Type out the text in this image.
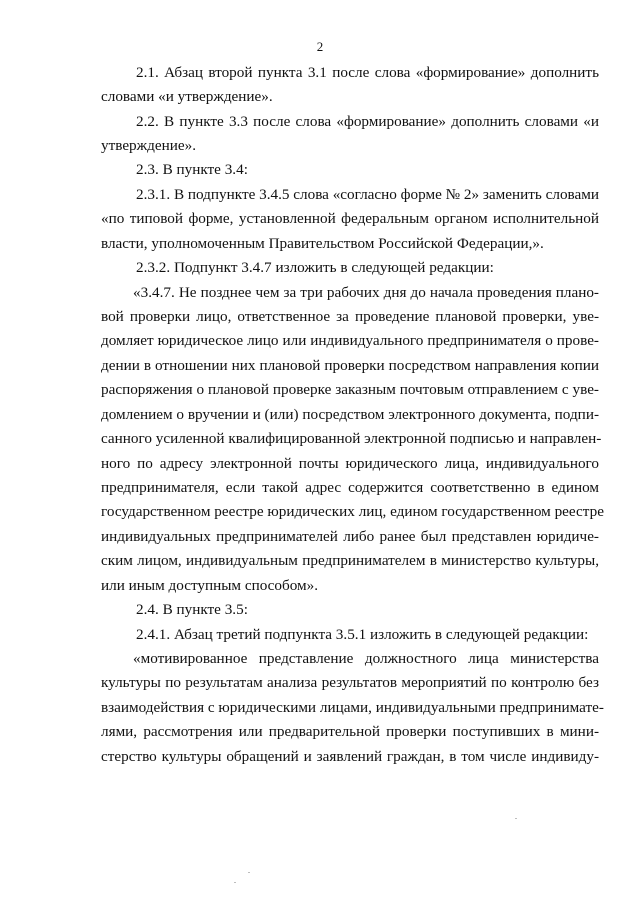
2
2.1. Абзац второй пункта 3.1 после слова «формирование» дополнить
словами «и утверждение».
2.2. В пункте 3.3 после слова «формирование» дополнить словами «и
утверждение».
2.3. В пункте 3.4:
2.3.1. В подпункте 3.4.5 слова «согласно форме № 2» заменить словами
«по типовой форме, установленной федеральным органом исполнительной
власти, уполномоченным Правительством Российской Федерации,».
2.3.2. Подпункт 3.4.7 изложить в следующей редакции:
«3.4.7. Не позднее чем за три рабочих дня до начала проведения плано-
вой проверки лицо, ответственное за проведение плановой проверки, уве-
домляет юридическое лицо или индивидуального предпринимателя о прове-
дении в отношении них плановой проверки посредством направления копии
распоряжения о плановой проверке заказным почтовым отправлением с уве-
домлением о вручении и (или) посредством электронного документа, подпи-
санного усиленной квалифицированной электронной подписью и направлен-
ного по адресу электронной почты юридического лица, индивидуального
предпринимателя, если такой адрес содержится соответственно в едином
государственном реестре юридических лиц, едином государственном реестре
индивидуальных предпринимателей либо ранее был представлен юридиче-
ским лицом, индивидуальным предпринимателем в министерство культуры,
или иным доступным способом».
2.4. В пункте 3.5:
2.4.1. Абзац третий подпункта 3.5.1 изложить в следующей редакции:
«мотивированное представление должностного лица министерства
культуры по результатам анализа результатов мероприятий по контролю без
взаимодействия с юридическими лицами, индивидуальными предпринимате-
лями, рассмотрения или предварительной проверки поступивших в мини-
стерство культуры обращений и заявлений граждан, в том числе индивиду-
